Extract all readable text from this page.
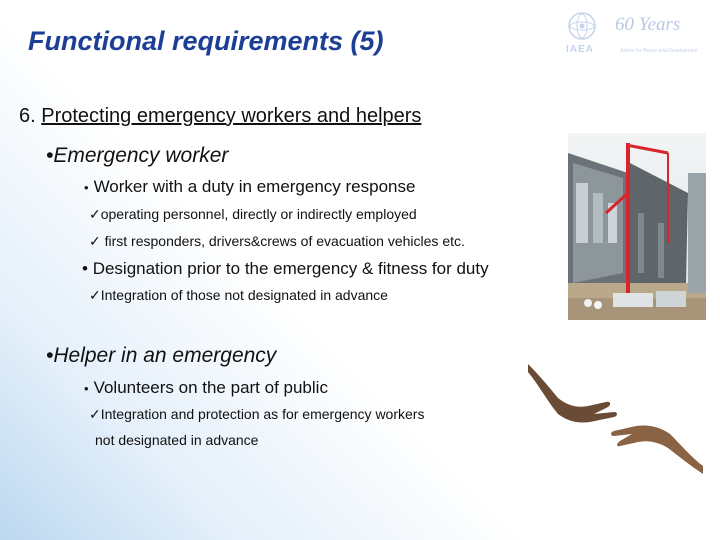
Functional requirements (5)
60 Years
IAEA	Atoms for Peace and Development
6. Protecting emergency workers and helpers
•Emergency worker
• Worker with a duty in emergency response
✓operating personnel, directly or indirectly employed
✓ first responders, drivers&crews of evacuation vehicles etc.
• Designation prior to the emergency & fitness for duty
✓Integration of those not designated in advance
•Helper in an emergency
• Volunteers on the part of public
✓Integration and protection as for emergency workers
not designated in advance
